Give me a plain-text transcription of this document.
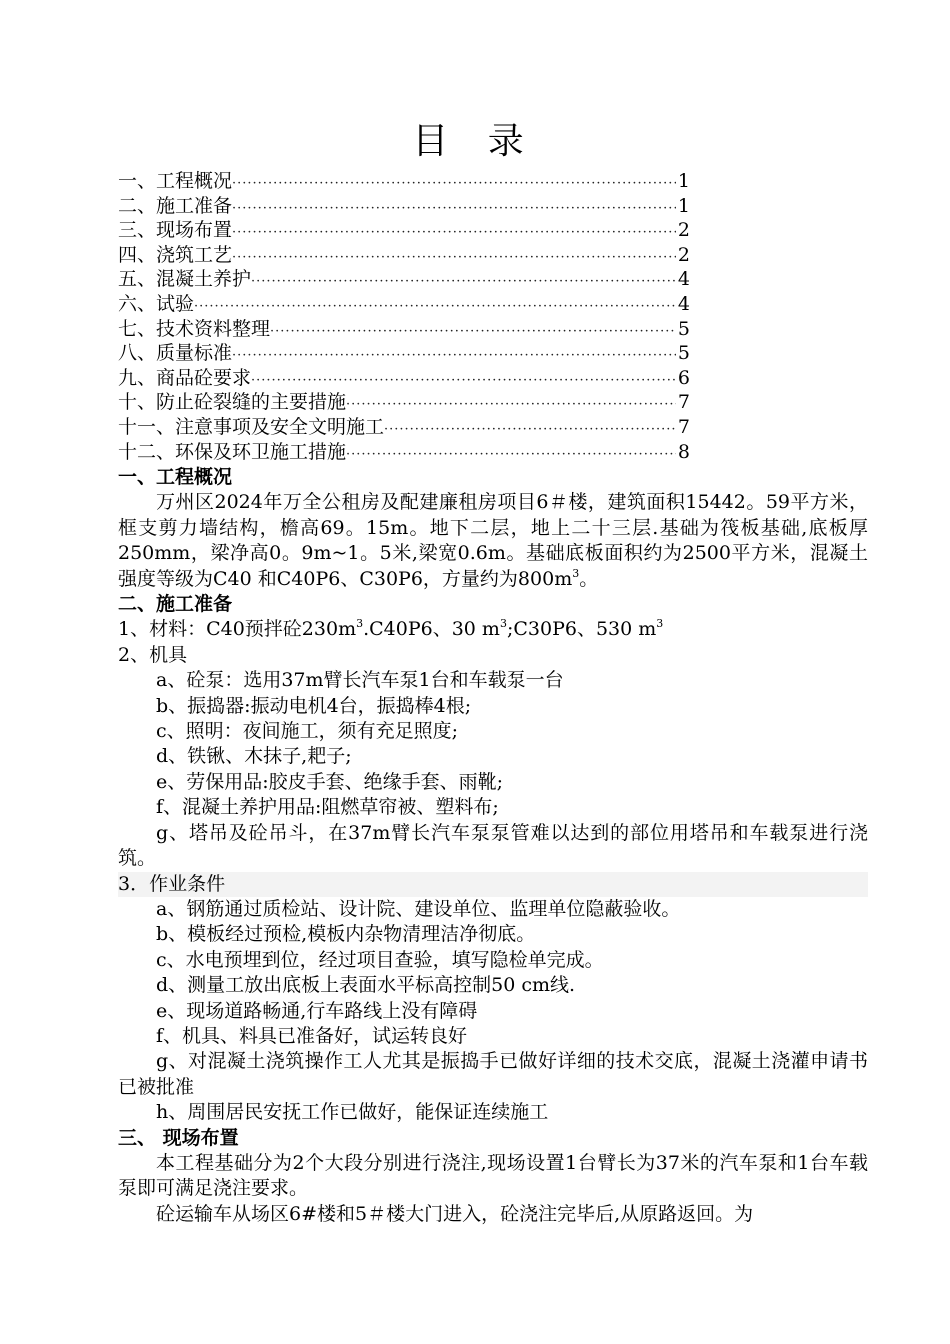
目 录
一、工程概况 ·····	1
二、施工准备 ·····	1
三、现场布置 ·····	2
四、浇筑工艺 ·····	2
五、混凝土养护 ·····	4
六、试验 ·····	4
七、技术资料整理 ·····	5
八、质量标准 ·····	5
九、商品砼要求 ·····	6
十、防止砼裂缝的主要措施 ·····	7
十一、注意事项及安全文明施工 ·····	7
十二、环保及环卫施工措施 ·····	8
一、工程概况
万州区2024年万全公租房及配建廉租房项目6＃楼，建筑面积15442。59平方米，框支剪力墙结构，檐高69。15m。地下二层，地上二十三层.基础为筏板基础,底板厚250mm，梁净高0。9m~1。5米,梁宽0.6m。基础底板面积约为2500平方米，混凝土强度等级为C40 和C40P6、C30P6，方量约为$800m^3$。
二、施工准备
1、材料：C40预拌砼$230m^3.C40P6$、30 $m^3;C30P6$、530 $m^3$
2、机具
a、砼泵：选用37m臂长汽车泵1台和车载泵一台
b、振捣器:振动电机4台，振捣棒4根;
c、照明：夜间施工，须有充足照度;
d、铁锹、木抹子,耙子;
e、劳保用品:胶皮手套、绝缘手套、雨靴;
f、混凝土养护用品:阻燃草帘被、塑料布;
g、塔吊及砼吊斗，在37m臂长汽车泵泵管难以达到的部位用塔吊和车载泵进行浇筑。
3．作业条件
a、钢筋通过质检站、设计院、建设单位、监理单位隐蔽验收。
b、模板经过预检,模板内杂物清理洁净彻底。
c、水电预埋到位，经过项目查验，填写隐检单完成。
d、测量工放出底板上表面水平标高控制50 cm线.
e、现场道路畅通,行车路线上没有障碍
f、机具、料具已准备好，试运转良好
g、对混凝土浇筑操作工人尤其是振捣手已做好详细的技术交底，混凝土浇灌申请书已被批准
h、周围居民安抚工作已做好，能保证连续施工
三、 现场布置
本工程基础分为2个大段分别进行浇注,现场设置1台臂长为37米的汽车泵和1台车载泵即可满足浇注要求。
砼运输车从场区6#楼和5＃楼大门进入，砼浇注完毕后,从原路返回。为
